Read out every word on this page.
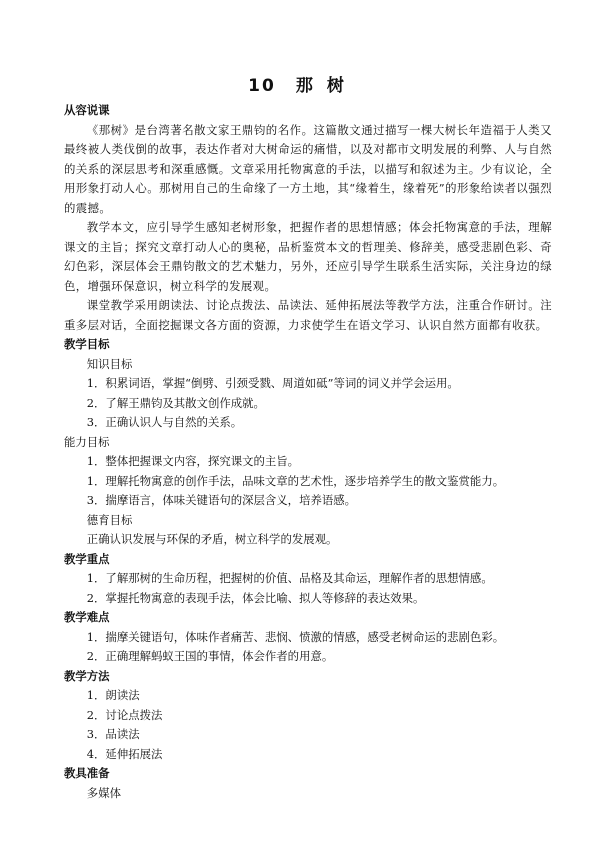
10 那 树

从容说课

《那树》是台湾著名散文家王鼎钧的名作。这篇散文通过描写一棵大树长年造福于人类又最终被人类伐倒的故事，表达作者对大树命运的痛惜，以及对都市文明发展的利弊、人与自然的关系的深层思考和深重感慨。文章采用托物寓意的手法，以描写和叙述为主。少有议论，全用形象打动人心。那树用自己的生命缘了一方土地，其“缘着生，缘着死”的形象给读者以强烈的震撼。

教学本文，应引导学生感知老树形象，把握作者的思想情感；体会托物寓意的手法，理解课文的主旨；探究文章打动人心的奥秘，品析鉴赏本文的哲理美、修辞美，感受悲剧色彩、奇幻色彩，深层体会王鼎钧散文的艺术魅力，另外，还应引导学生联系生活实际，关注身边的绿色，增强环保意识，树立科学的发展观。

课堂教学采用朗读法、讨论点拨法、品读法、延伸拓展法等教学方法，注重合作研讨。注重多层对话，全面挖掘课文各方面的资源，力求使学生在语文学习、认识自然方面都有收获。

教学目标

知识目标

1．积累词语，掌握“倒劈、引颈受戮、周道如砥”等词的词义并学会运用。

2．了解王鼎钧及其散文创作成就。

3．正确认识人与自然的关系。

能力目标

1．整体把握课文内容，探究课文的主旨。

1．理解托物寓意的创作手法，品味文章的艺术性，逐步培养学生的散文鉴赏能力。

3．揣摩语言，体味关键语句的深层含义，培养语感。

德育目标

正确认识发展与环保的矛盾，树立科学的发展观。

教学重点

1．了解那树的生命历程，把握树的价值、品格及其命运，理解作者的思想情感。

2．掌握托物寓意的表现手法，体会比喻、拟人等修辞的表达效果。

教学难点

1．揣摩关键语句，体味作者痛苦、悲悯、愤激的情感，感受老树命运的悲剧色彩。

2．正确理解蚂蚁王国的事情，体会作者的用意。

教学方法

1．朗读法

2．讨论点拨法

3．品读法

4．延伸拓展法

教具准备

多媒体
